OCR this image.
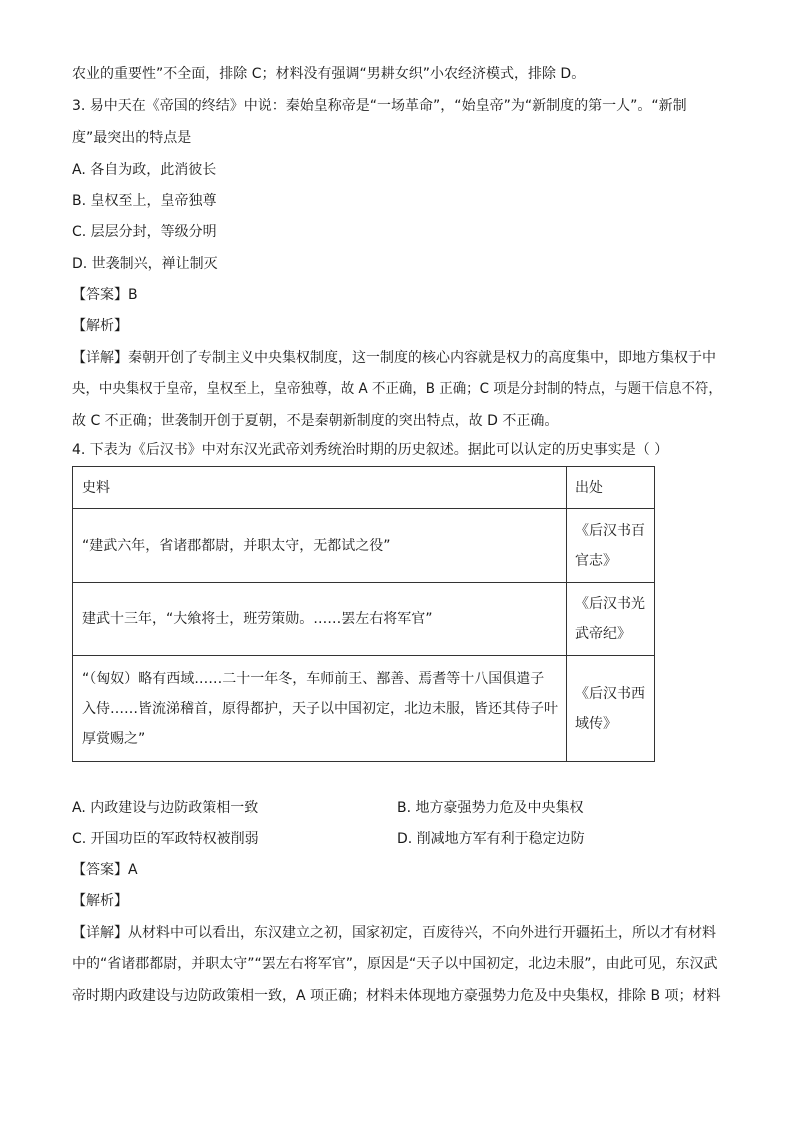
农业的重要性”不全面，排除 C；材料没有强调“男耕女织”小农经济模式，排除 D。
3. 易中天在《帝国的终结》中说：秦始皇称帝是“一场革命”，“始皇帝”为“新制度的第一人”。“新制
度”最突出的特点是
A. 各自为政，此消彼长
B. 皇权至上，皇帝独尊
C. 层层分封，等级分明
D. 世袭制兴，禅让制灭
【答案】B
【解析】
【详解】秦朝开创了专制主义中央集权制度，这一制度的核心内容就是权力的高度集中，即地方集权于中
央，中央集权于皇帝，皇权至上，皇帝独尊，故 A 不正确，B 正确；C 项是分封制的特点，与题干信息不符，
故 C 不正确；世袭制开创于夏朝，不是秦朝新制度的突出特点，故 D 不正确。
4. 下表为《后汉书》中对东汉光武帝刘秀统治时期的历史叙述。据此可以认定的历史事实是（ ）
史料	出处
“建武六年，省诸郡都尉，并职太守，无都试之役”	《后汉书百官志》
建武十三年，“大飨将士，班劳策勋。……罢左右将军官”	《后汉书光武帝纪》
“（匈奴）略有西域……二十一年冬，车师前王、鄯善、焉耆等十八国俱遣子入侍……皆流涕稽首，原得都护，天子以中国初定，北边未服，皆还其侍子叶厚赏赐之”	《后汉书西域传》
A. 内政建设与边防政策相一致	B. 地方豪强势力危及中央集权
C. 开国功臣的军政特权被削弱	D. 削减地方军有利于稳定边防
【答案】A
【解析】
【详解】从材料中可以看出，东汉建立之初，国家初定，百废待兴，不向外进行开疆拓土，所以才有材料
中的“省诸郡都尉，并职太守”“罢左右将军官”，原因是“天子以中国初定，北边未服”，由此可见，东汉武
帝时期内政建设与边防政策相一致，A 项正确；材料未体现地方豪强势力危及中央集权，排除 B 项；材料
